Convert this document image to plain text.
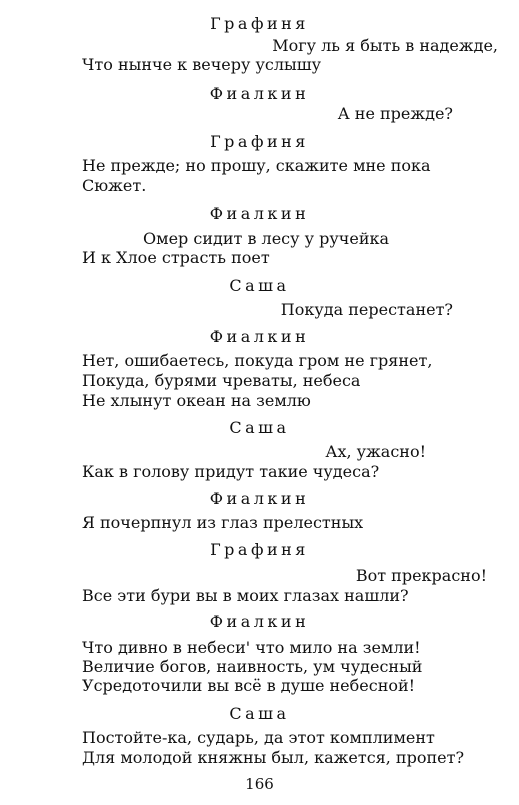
Графиня
Могу ль я быть в надежде,
Что нынче к вечеру услышу
Фиалкин
А не прежде?
Графиня
Не прежде; но прошу, скажите мне пока
Сюжет.
Фиалкин
Омер сидит в лесу у ручейка
И к Хлое страсть поет
Саша
Покуда перестанет?
Фиалкин
Нет, ошибаетесь, покуда гром не грянет,
Покуда, бурями чреваты, небеса
Не хлынут океан на землю
Саша
Ах, ужасно!
Как в голову придут такие чудеса?
Фиалкин
Я почерпнул из глаз прелестных
Графиня
Вот прекрасно!
Все эти бури вы в моих глазах нашли?
Фиалкин
Что дивно в небеси' что мило на земли!
Величие богов, наивность, ум чудесный
Усредоточили вы всё в душе небесной!
Саша
Постойте-ка, сударь, да этот комплимент
Для молодой княжны был, кажется, пропет?
166
